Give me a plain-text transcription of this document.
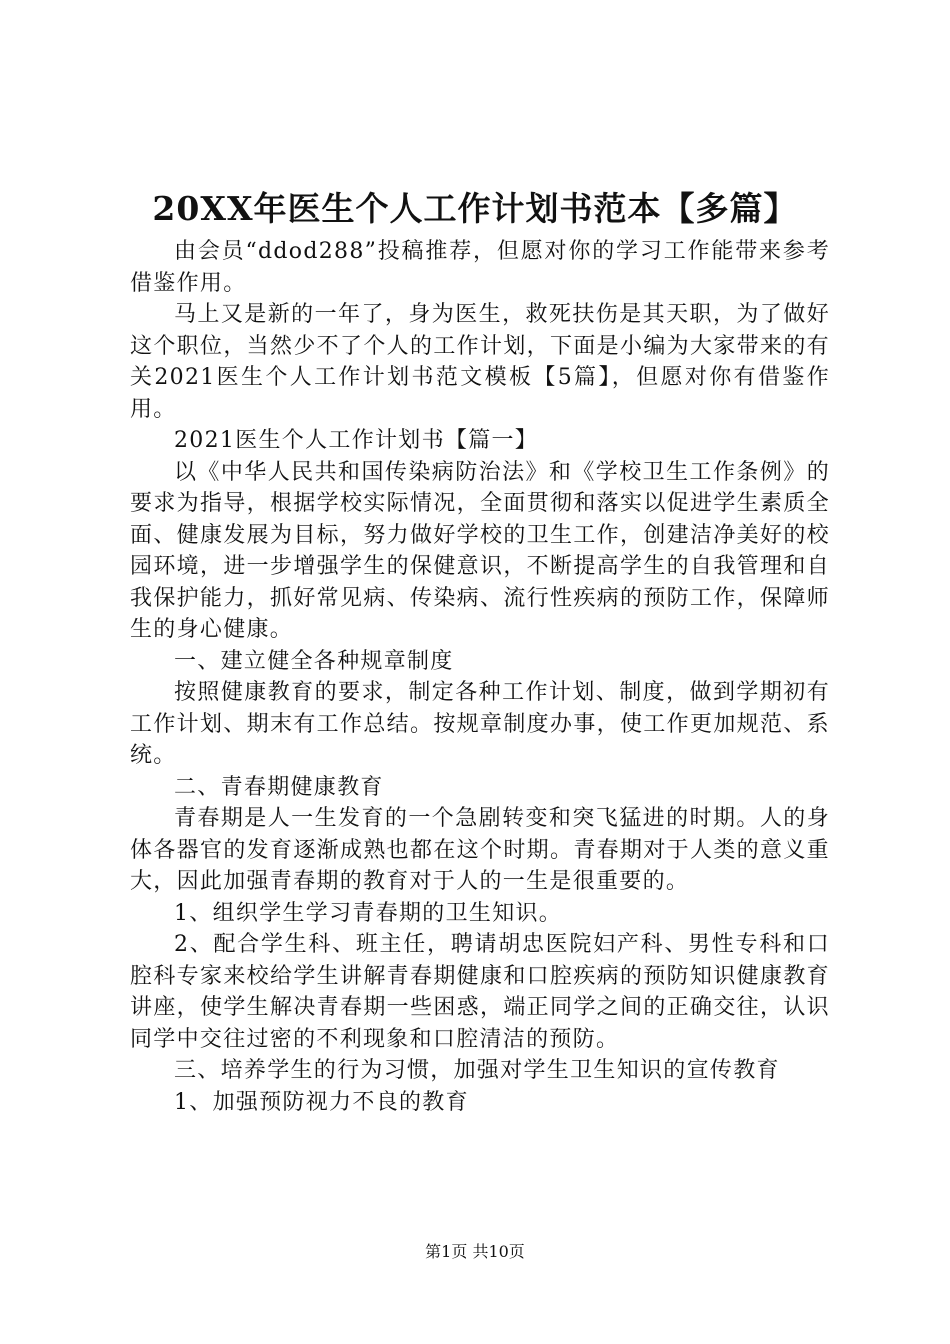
20XX年医生个人工作计划书范本【多篇】

由会员“ddod288”投稿推荐，但愿对你的学习工作能带来参考借鉴作用。

马上又是新的一年了，身为医生，救死扶伤是其天职，为了做好这个职位，当然少不了个人的工作计划，下面是小编为大家带来的有关2021医生个人工作计划书范文模板【5篇】，但愿对你有借鉴作用。

2021医生个人工作计划书【篇一】

以《中华人民共和国传染病防治法》和《学校卫生工作条例》的要求为指导，根据学校实际情况，全面贯彻和落实以促进学生素质全面、健康发展为目标，努力做好学校的卫生工作，创建洁净美好的校园环境，进一步增强学生的保健意识，不断提高学生的自我管理和自我保护能力，抓好常见病、传染病、流行性疾病的预防工作，保障师生的身心健康。

一、建立健全各种规章制度

按照健康教育的要求，制定各种工作计划、制度，做到学期初有工作计划、期末有工作总结。按规章制度办事，使工作更加规范、系统。

二、青春期健康教育

青春期是人一生发育的一个急剧转变和突飞猛进的时期。人的身体各器官的发育逐渐成熟也都在这个时期。青春期对于人类的意义重大，因此加强青春期的教育对于人的一生是很重要的。

1、组织学生学习青春期的卫生知识。

2、配合学生科、班主任，聘请胡忠医院妇产科、男性专科和口腔科专家来校给学生讲解青春期健康和口腔疾病的预防知识健康教育讲座，使学生解决青春期一些困惑，端正同学之间的正确交往，认识同学中交往过密的不利现象和口腔清洁的预防。

三、培养学生的行为习惯，加强对学生卫生知识的宣传教育

1、加强预防视力不良的教育

第1页 共10页
